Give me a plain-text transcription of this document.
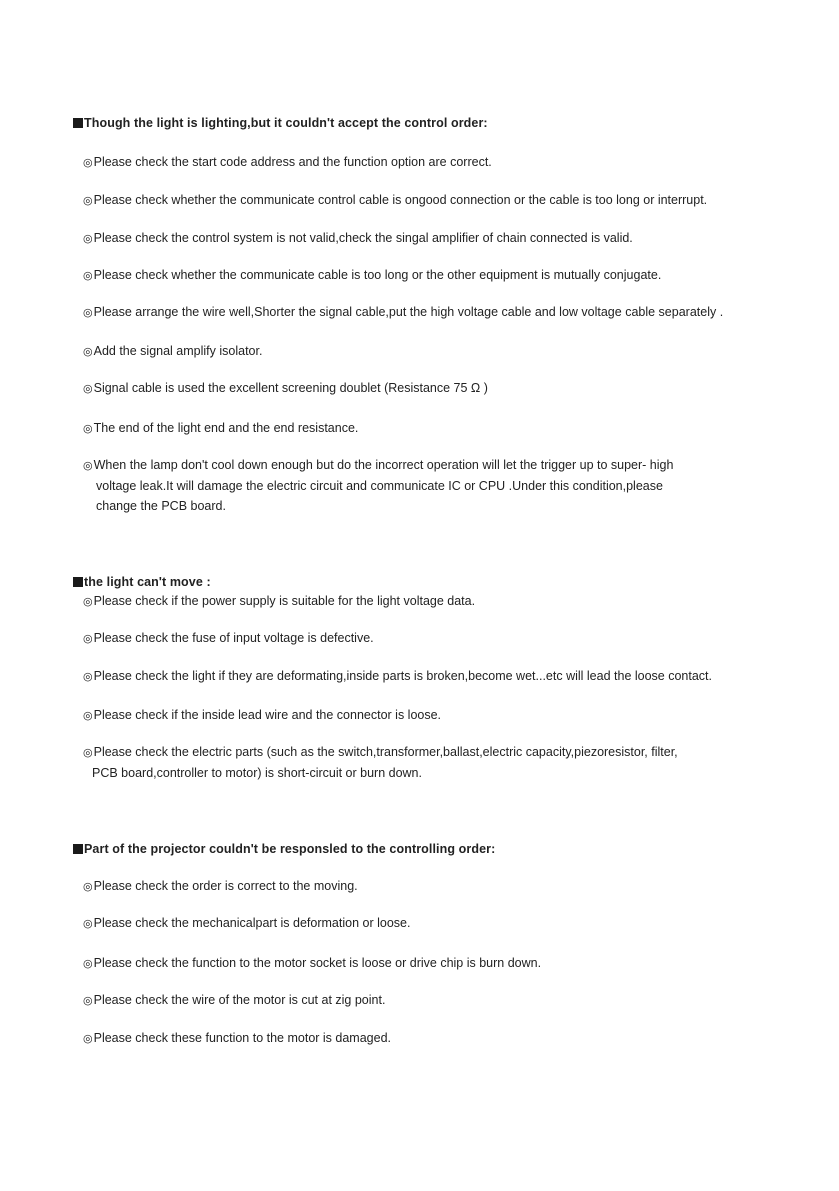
Though the light is lighting,but it couldn't accept the control order:
◎Please check the start code address and the function option are correct.
◎Please check whether the communicate control cable is ongood connection or the cable is too long or interrupt.
◎Please check the control system is not valid,check the singal amplifier of chain connected is valid.
◎Please check whether the communicate cable is too long or the other equipment is mutually conjugate.
◎Please arrange the wire well,Shorter the signal cable,put the high voltage cable and low voltage cable separately .
◎Add the signal amplify isolator.
◎Signal cable is used the excellent screening doublet (Resistance 75 Ω )
◎The end of the light end and the end resistance.
◎When the lamp don't cool down enough but do the incorrect operation will let the trigger up to super- high
voltage leak.It will damage the electric circuit and communicate IC or CPU .Under this condition,please
change the PCB board.
the light can't move :
◎Please check if the power supply is suitable for the light voltage data.
◎Please check the fuse of input voltage is defective.
◎Please check the light if they are deformating,inside parts is broken,become wet...etc will lead the loose contact.
◎Please check if the inside lead wire and the connector is loose.
◎Please check the electric parts (such as the switch,transformer,ballast,electric capacity,piezoresistor, filter,
PCB board,controller to motor) is short-circuit or burn down.
Part of the projector couldn't be responsled to the controlling order:
◎Please check the order is correct to the moving.
◎Please check the mechanicalpart is deformation or loose.
◎Please check the function to the motor socket is loose or drive chip is burn down.
◎Please check the wire of the motor is cut at zig point.
◎Please check these function to the motor is damaged.
